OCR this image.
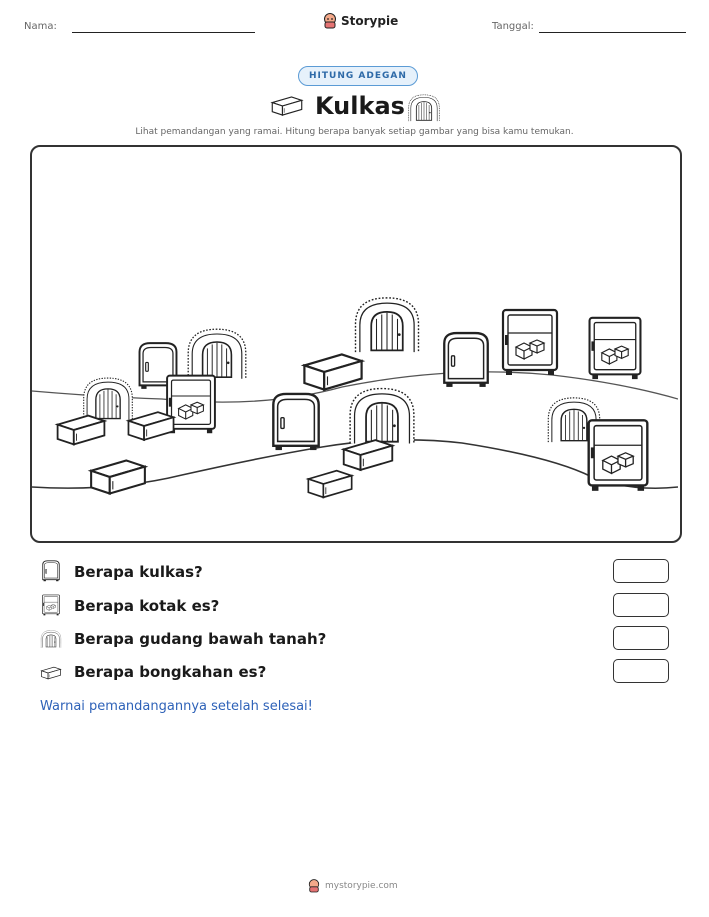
Nama:	Storypie	Tanggal:
HITUNG ADEGAN
Kulkas
Lihat pemandangan yang ramai. Hitung berapa banyak setiap gambar yang bisa kamu temukan.
Berapa kulkas?
Berapa kotak es?
Berapa gudang bawah tanah?
Berapa bongkahan es?
Warnai pemandangannya setelah selesai!
mystorypie.com
